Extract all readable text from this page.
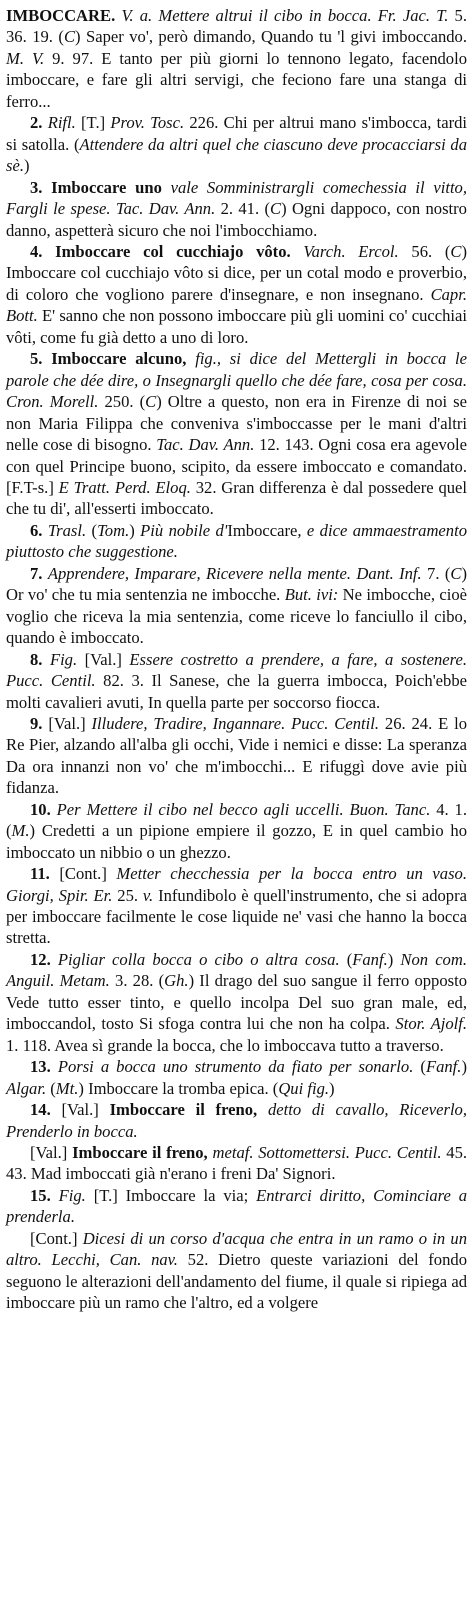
IMBOCCARE. V. a. Mettere altrui il cibo in bocca. Fr. Jac. T. 5. 36. 19. (C) Saper vo', però dimando, Quando tu 'l givi imboccando. M. V. 9. 97. E tanto per più giorni lo tennono legato, facendolo imboccare, e fare gli altri servigi, che feciono fare una stanga di ferro...

2. Rifl. [T.] Prov. Tosc. 226. Chi per altrui mano s'imbocca, tardi si satolla. (Attendere da altri quel che ciascuno deve procacciarsi da sè.)

3. Imboccare uno vale Somministrargli comechessia il vitto, Fargli le spese. Tac. Dav. Ann. 2. 41. (C) Ogni dappoco, con nostro danno, aspetterà sicuro che noi l'imbocchiamo.

4. Imboccare col cucchiajo vôto. Varch. Ercol. 56. (C) Imboccare col cucchiajo vôto si dice, per un cotal modo e proverbio, di coloro che vogliono parere d'insegnare, e non insegnano. Capr. Bott. E' sanno che non possono imboccare più gli uomini co' cucchiai vôti, come fu già detto a uno di loro.

5. Imboccare alcuno, fig., si dice del Mettergli in bocca le parole che dée dire, o Insegnargli quello che dée fare, cosa per cosa. Cron. Morell. 250. (C) Oltre a questo, non era in Firenze di noi se non Maria Filippa che conveniva s'imboccasse per le mani d'altri nelle cose di bisogno. Tac. Dav. Ann. 12. 143. Ogni cosa era agevole con quel Principe buono, scipito, da essere imboccato e comandato. [F.T-s.] E Tratt. Perd. Eloq. 32. Gran differenza è dal possedere quel che tu di', all'esserti imboccato.

6. Trasl. (Tom.) Più nobile d'Imboccare, e dice ammaestramento piuttosto che suggestione.

7. Apprendere, Imparare, Ricevere nella mente. Dant. Inf. 7. (C) Or vo' che tu mia sentenzia ne imbocche. But. ivi: Ne imbocche, cioè voglio che riceva la mia sentenzia, come riceve lo fanciullo il cibo, quando è imboccato.

8. Fig. [Val.] Essere costretto a prendere, a fare, a sostenere. Pucc. Centil. 82. 3. Il Sanese, che la guerra imbocca, Poich'ebbe molti cavalieri avuti, In quella parte per soccorso fiocca.

9. [Val.] Illudere, Tradire, Ingannare. Pucc. Centil. 26. 24. E lo Re Pier, alzando all'alba gli occhi, Vide i nemici e disse: La speranza Da ora innanzi non vo' che m'imbocchi... E rifuggì dove avie più fidanza.

10. Per Mettere il cibo nel becco agli uccelli. Buon. Tanc. 4. 1. (M.) Credetti a un pipione empiere il gozzo, E in quel cambio ho imboccato un nibbio o un ghezzo.

11. [Cont.] Metter checchessia per la bocca entro un vaso. Giorgi, Spir. Er. 25. v. Infundibolo è quell'instrumento, che si adopra per imboccare facilmente le cose liquide ne' vasi che hanno la bocca stretta.

12. Pigliar colla bocca o cibo o altra cosa. (Fanf.) Non com. Anguil. Metam. 3. 28. (Gh.) Il drago del suo sangue il ferro opposto Vede tutto esser tinto, e quello incolpa Del suo gran male, ed, imboccandol, tosto Si sfoga contra lui che non ha colpa. Stor. Ajolf. 1. 118. Avea sì grande la bocca, che lo imboccava tutto a traverso.

13. Porsi a bocca uno strumento da fiato per sonarlo. (Fanf.) Algar. (Mt.) Imboccare la tromba epica. (Qui fig.)

14. [Val.] Imboccare il freno, detto di cavallo, Riceverlo, Prenderlo in bocca.

[Val.] Imboccare il freno, metaf. Sottomettersi. Pucc. Centil. 45. 43. Mad imboccati già n'erano i freni Da' Signori.

15. Fig. [T.] Imboccare la via; Entrarci diritto, Cominciare a prenderla.

[Cont.] Dicesi di un corso d'acqua che entra in un ramo o in un altro. Lecchi, Can. nav. 52. Dietro queste variazioni del fondo seguono le alterazioni dell'andamento del fiume, il quale si ripiega ad imboccare più un ramo che l'altro, ed a volgere
